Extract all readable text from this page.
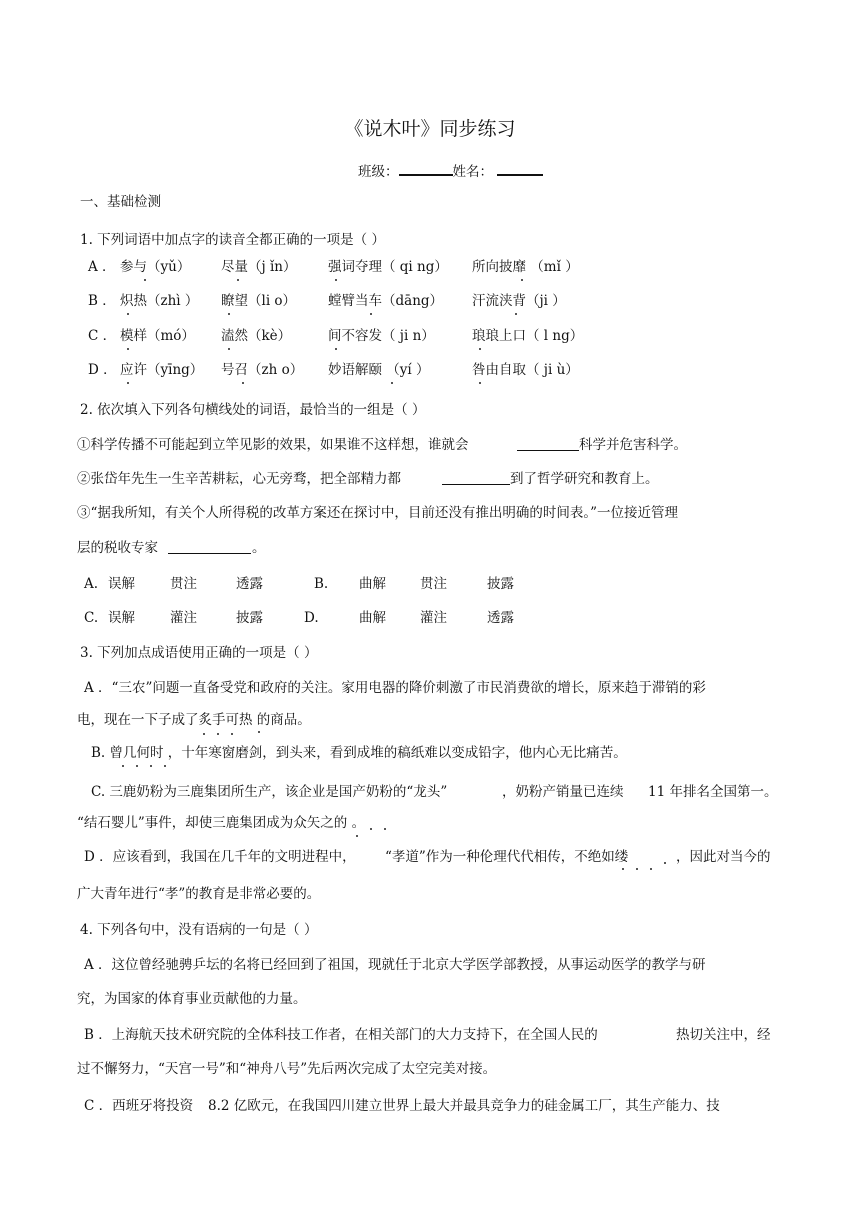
《说木叶》同步练习
班级：	姓名：
一、基础检测
1. 下列词语中加点字的读音全都正确的一项是（ ）
A ． 参与（yǔ） 尽量（j ǐn） 强词夺理（ qi ng） 所向披靡 （mǐ ）
B ． 炽热（zhì ） 瞭望（li o） 螳臂当车（dāng） 汗流浃背（ji ）
C ． 模样（mó） 溘然（kè）	间不容发（ ji n）	琅琅上口（ l ng）
D ． 应许（yīng） 号召（zh o） 妙语解颐 （yí ）	咎由自取（ ji ù）
2. 依次填入下列各句横线处的词语，最恰当的一组是（ ）
①科学传播不可能起到立竿见影的效果，如果谁不这样想，谁就会	科学并危害科学。
②张岱年先生一生辛苦耕耘，心无旁骛，把全部精力都	到了哲学研究和教育上。
③“据我所知，有关个人所得税的改革方案还在探讨中，目前还没有推出明确的时间表。”一位接近管理
层的税收专家	。
A. 误解	贯注	透露	B. 曲解	贯注	披露
C. 误解	灌注	披露	D.	曲解	灌注	透露
3. 下列加点成语使用正确的一项是（ ）
A ．“三农”问题一直备受党和政府的关注。家用电器的降价刺激了市民消费欲的增长，原来趋于滞销的彩
电，现在一下子成了炙手可热 的商品。
B. 曾几何时 ，十年寒窗磨剑，到头来，看到成堆的稿纸难以变成铅字，他内心无比痛苦。
C. 三鹿奶粉为三鹿集团所生产，该企业是国产奶粉的“龙头”	，奶粉产销量已连续 11 年排名全国第一。
“结石婴儿”事件，却使三鹿集团成为众矢之的 。
D ．应该看到，我国在几千年的文明进程中， “孝道”作为一种伦理代代相传，不绝如缕	，因此对当今的
广大青年进行“孝”的教育是非常必要的。
4. 下列各句中，没有语病的一句是（ ）
A ．这位曾经驰骋乒坛的名将已经回到了祖国，现就任于北京大学医学部教授，从事运动医学的教学与研
究，为国家的体育事业贡献他的力量。
B ．上海航天技术研究院的全体科技工作者，在相关部门的大力支持下，在全国人民的	热切关注中，经
过不懈努力，“天宫一号”和“神舟八号”先后两次完成了太空完美对接。
C ．西班牙将投资 8.2 亿欧元，在我国四川建立世界上最大并最具竞争力的硅金属工厂，其生产能力、技
